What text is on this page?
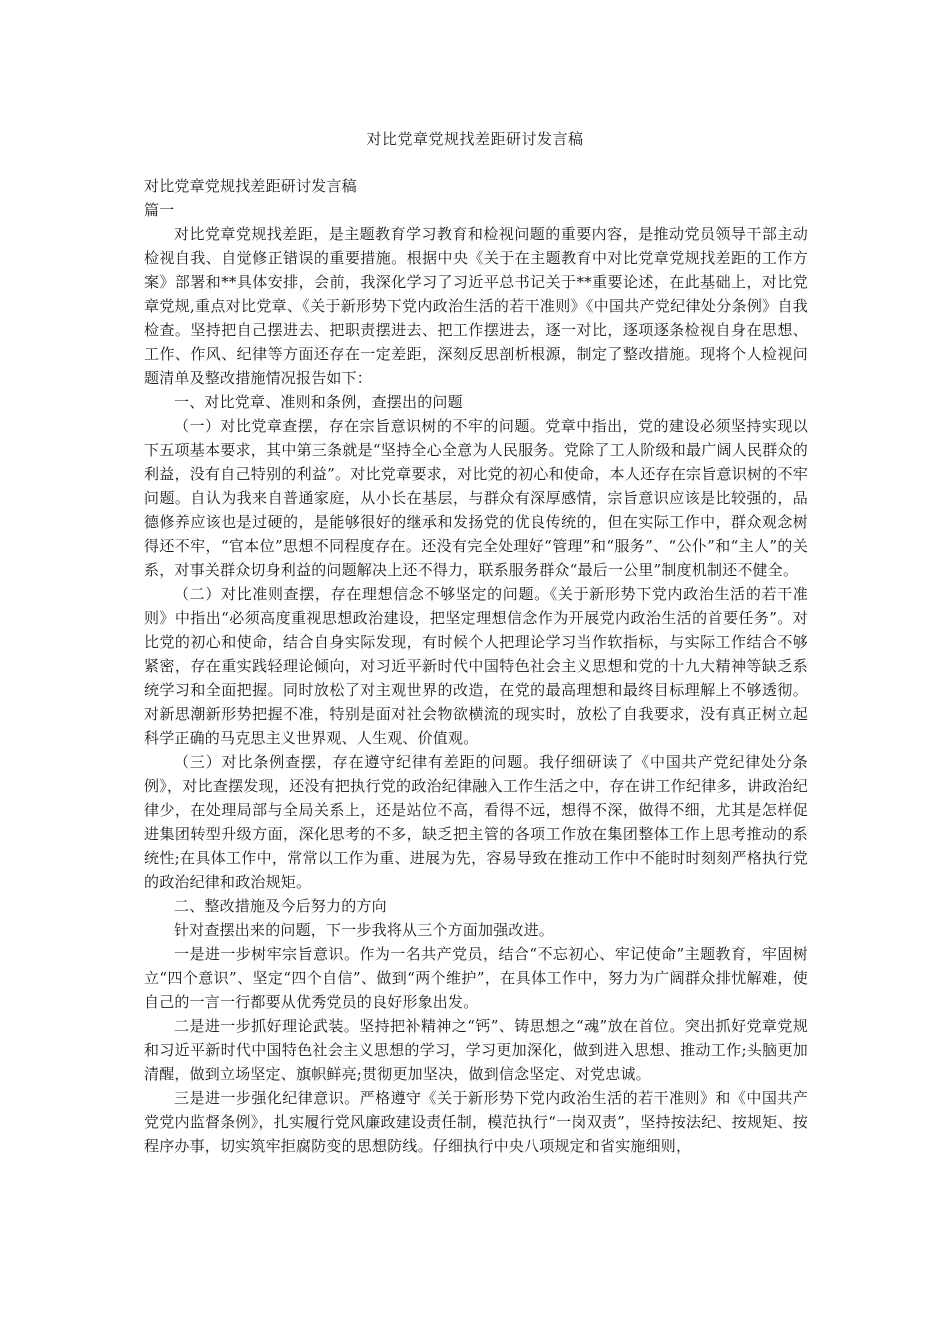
对比党章党规找差距研讨发言稿

对比党章党规找差距研讨发言稿

篇一

对比党章党规找差距，是主题教育学习教育和检视问题的重要内容，是推动党员领导干部主动检视自我、自觉修正错误的重要措施。根据中央《关于在主题教育中对比党章党规找差距的工作方案》部署和**具体安排，会前，我深化学习了习近平总书记关于**重要论述，在此基础上，对比党章党规,重点对比党章、《关于新形势下党内政治生活的若干准则》《中国共产党纪律处分条例》自我检查。坚持把自己摆进去、把职责摆进去、把工作摆进去，逐一对比，逐项逐条检视自身在思想、工作、作风、纪律等方面还存在一定差距，深刻反思剖析根源，制定了整改措施。现将个人检视问题清单及整改措施情况报告如下：

一、对比党章、准则和条例，查摆出的问题

（一）对比党章查摆，存在宗旨意识树的不牢的问题。党章中指出，党的建设必须坚持实现以下五项基本要求，其中第三条就是“坚持全心全意为人民服务。党除了工人阶级和最广阔人民群众的利益，没有自己特别的利益”。对比党章要求，对比党的初心和使命，本人还存在宗旨意识树的不牢问题。自认为我来自普通家庭，从小长在基层，与群众有深厚感情，宗旨意识应该是比较强的，品德修养应该也是过硬的，是能够很好的继承和发扬党的优良传统的，但在实际工作中，群众观念树得还不牢，“官本位”思想不同程度存在。还没有完全处理好“管理”和“服务”、“公仆”和“主人”的关系，对事关群众切身利益的问题解决上还不得力，联系服务群众“最后一公里”制度机制还不健全。

（二）对比准则查摆，存在理想信念不够坚定的问题。《关于新形势下党内政治生活的若干准则》中指出“必须高度重视思想政治建设，把坚定理想信念作为开展党内政治生活的首要任务”。对比党的初心和使命，结合自身实际发现，有时候个人把理论学习当作软指标，与实际工作结合不够紧密，存在重实践轻理论倾向，对习近平新时代中国特色社会主义思想和党的十九大精神等缺乏系统学习和全面把握。同时放松了对主观世界的改造，在党的最高理想和最终目标理解上不够透彻。对新思潮新形势把握不准，特别是面对社会物欲横流的现实时，放松了自我要求，没有真正树立起科学正确的马克思主义世界观、人生观、价值观。

（三）对比条例查摆，存在遵守纪律有差距的问题。我仔细研读了《中国共产党纪律处分条例》，对比查摆发现，还没有把执行党的政治纪律融入工作生活之中，存在讲工作纪律多，讲政治纪律少，在处理局部与全局关系上，还是站位不高，看得不远，想得不深，做得不细，尤其是怎样促进集团转型升级方面，深化思考的不多，缺乏把主管的各项工作放在集团整体工作上思考推动的系统性;在具体工作中，常常以工作为重、进展为先，容易导致在推动工作中不能时时刻刻严格执行党的政治纪律和政治规矩。

二、整改措施及今后努力的方向

针对查摆出来的问题，下一步我将从三个方面加强改进。

一是进一步树牢宗旨意识。作为一名共产党员，结合“不忘初心、牢记使命”主题教育，牢固树立“四个意识”、坚定“四个自信”、做到“两个维护”，在具体工作中，努力为广阔群众排忧解难，使自己的一言一行都要从优秀党员的良好形象出发。

二是进一步抓好理论武装。坚持把补精神之“钙”、铸思想之“魂”放在首位。突出抓好党章党规和习近平新时代中国特色社会主义思想的学习，学习更加深化，做到进入思想、推动工作;头脑更加清醒，做到立场坚定、旗帜鲜亮;贯彻更加坚决，做到信念坚定、对党忠诚。

三是进一步强化纪律意识。严格遵守《关于新形势下党内政治生活的若干准则》和《中国共产党党内监督条例》，扎实履行党风廉政建设责任制，模范执行“一岗双责”，坚持按法纪、按规矩、按程序办事，切实筑牢拒腐防变的思想防线。仔细执行中央八项规定和省实施细则，
